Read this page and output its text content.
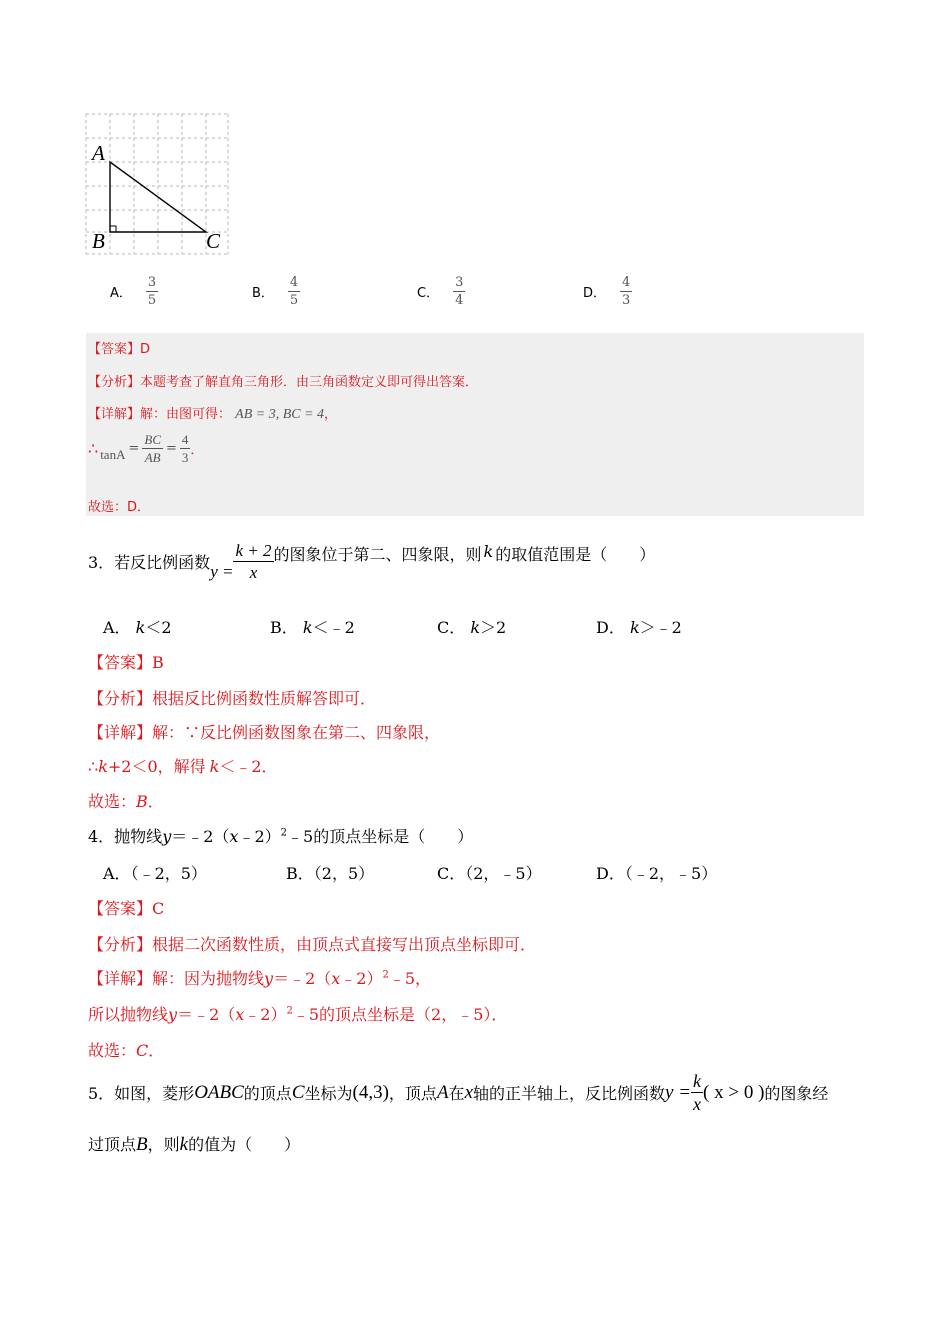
A
B	C
A． $\frac{3}{5}$	B． $\frac{4}{5}$	C． $\frac{3}{4}$	D． $\frac{4}{3}$
【答案】D
【分析】本题考查了解直角三角形．由三角函数定义即可得出答案．
【详解】解：由图可得： AB = 3, BC = 4，
∴ $\tan A = \frac{BC}{AB} = \frac{4}{3}$ ．
故选：D．
3．若反比例函数 $y = \frac{k + 2}{x}$ 的图象位于第二、四象限，则 k 的取值范围是（　　）
A． k＜2	B． k＜﹣2	C． k＞2	D． k＞﹣2
【答案】B
【分析】根据反比例函数性质解答即可．
【详解】解：∵反比例函数图象在第二、四象限，
∴k+2＜0，解得 k＜﹣2．
故选：B．
4．抛物线y＝﹣2（x﹣2）$^2$﹣5的顶点坐标是（　　）
A．（﹣2，5）	B．（2，5）	C．（2，﹣5）	D．（﹣2，﹣5）
【答案】C
【分析】根据二次函数性质，由顶点式直接写出顶点坐标即可．
【详解】解：因为抛物线y＝﹣2（x﹣2）$^2$﹣5，
所以抛物线y＝﹣2（x﹣2）$^2$﹣5的顶点坐标是（2，﹣5）．
故选：C．
5．如图，菱形 OABC 的顶点 C 坐标为 (4,3) ，顶点 A 在 x 轴的正半轴上，反比例函数 $y = \frac{k}{x}$ ( x > 0 ) 的图象经
过顶点B，则k的值为（　　）
